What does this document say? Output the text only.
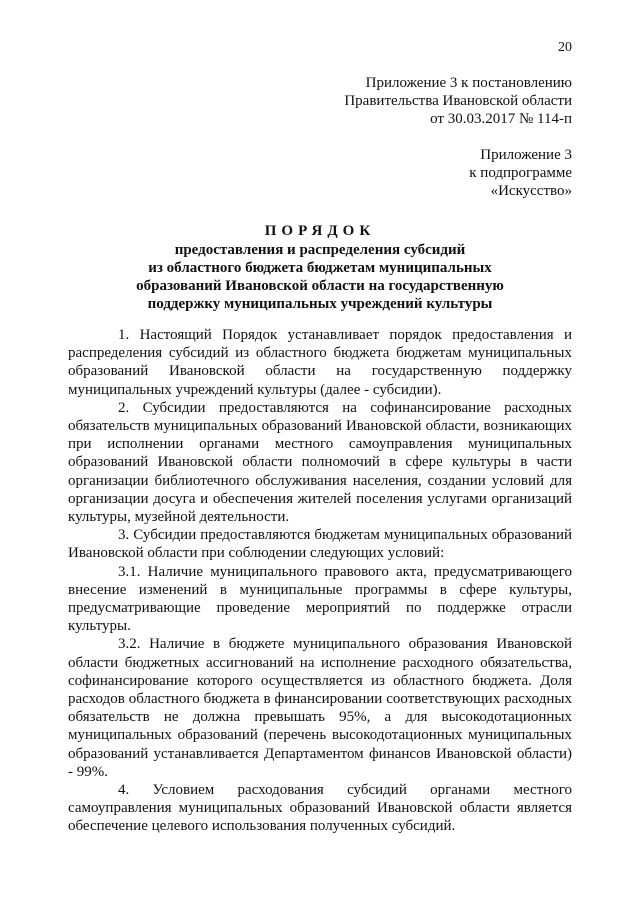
20
Приложение 3 к постановлению
Правительства Ивановской области
от 30.03.2017 № 114-п
Приложение 3
к подпрограмме
«Искусство»
ПОРЯДОК
предоставления и распределения субсидий
из областного бюджета бюджетам муниципальных
образований Ивановской области на государственную
поддержку муниципальных учреждений культуры

1. Настоящий Порядок устанавливает порядок предоставления и распределения субсидий из областного бюджета бюджетам муниципальных образований Ивановской области на государственную поддержку муниципальных учреждений культуры (далее - субсидии).

2. Субсидии предоставляются на софинансирование расходных обязательств муниципальных образований Ивановской области, возникающих при исполнении органами местного самоуправления муниципальных образований Ивановской области полномочий в сфере культуры в части организации библиотечного обслуживания населения, создании условий для организации досуга и обеспечения жителей поселения услугами организаций культуры, музейной деятельности.

3. Субсидии предоставляются бюджетам муниципальных образований Ивановской области при соблюдении следующих условий:

3.1. Наличие муниципального правового акта, предусматривающего внесение изменений в муниципальные программы в сфере культуры, предусматривающие проведение мероприятий по поддержке отрасли культуры.

3.2. Наличие в бюджете муниципального образования Ивановской области бюджетных ассигнований на исполнение расходного обязательства, софинансирование которого осуществляется из областного бюджета. Доля расходов областного бюджета в финансировании соответствующих расходных обязательств не должна превышать 95%, а для высокодотационных муниципальных образований (перечень высокодотационных муниципальных образований устанавливается Департаментом финансов Ивановской области) - 99%.

4. Условием расходования субсидий органами местного самоуправления муниципальных образований Ивановской области является обеспечение целевого использования полученных субсидий.
